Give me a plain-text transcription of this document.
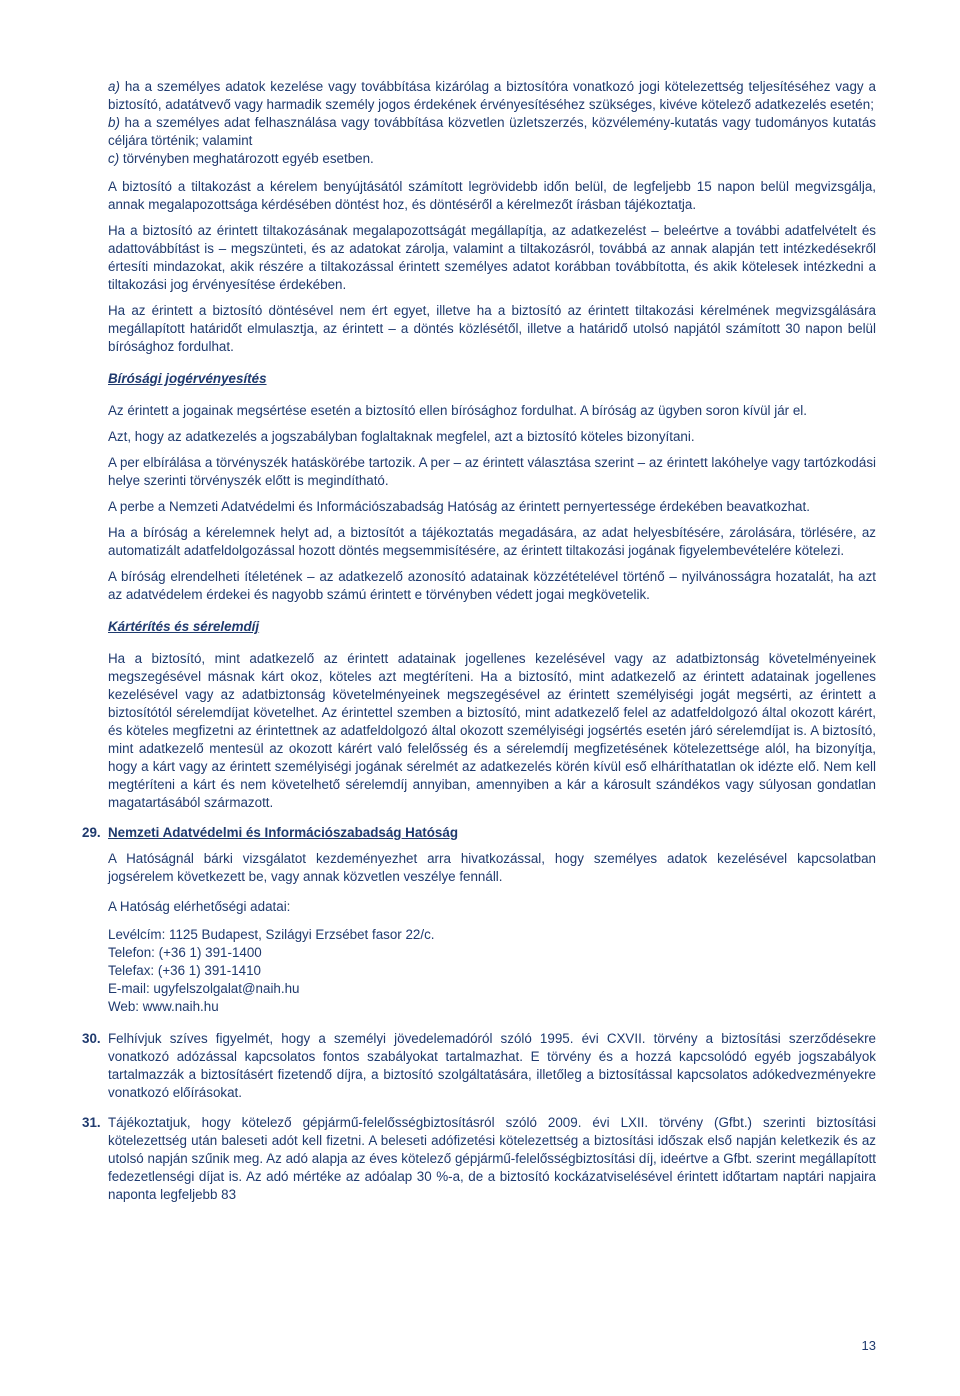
a) ha a személyes adatok kezelése vagy továbbítása kizárólag a biztosítóra vonatkozó jogi kötelezettség teljesítéséhez vagy a biztosító, adatátvevő vagy harmadik személy jogos érdekének érvényesítéséhez szükséges, kivéve kötelező adatkezelés esetén;
b) ha a személyes adat felhasználása vagy továbbítása közvetlen üzletszerzés, közvélemény-kutatás vagy tudományos kutatás céljára történik; valamint
c) törvényben meghatározott egyéb esetben.

A biztosító a tiltakozást a kérelem benyújtásától számított legrövidebb időn belül, de legfeljebb 15 napon belül megvizsgálja, annak megalapozottsága kérdésében döntést hoz, és döntéséről a kérelmezőt írásban tájékoztatja.

Ha a biztosító az érintett tiltakozásának megalapozottságát megállapítja, az adatkezelést – beleértve a további adatfelvételt és adattovábbítást is – megszünteti, és az adatokat zárolja, valamint a tiltakozásról, továbbá az annak alapján tett intézkedésekről értesíti mindazokat, akik részére a tiltakozással érintett személyes adatot korábban továbbította, és akik kötelesek intézkedni a tiltakozási jog érvényesítése érdekében.

Ha az érintett a biztosító döntésével nem ért egyet, illetve ha a biztosító az érintett tiltakozási kérelmének megvizsgálására megállapított határidőt elmulasztja, az érintett – a döntés közlésétől, illetve a határidő utolsó napjától számított 30 napon belül bírósághoz fordulhat.

Bírósági jogérvényesítés

Az érintett a jogainak megsértése esetén a biztosító ellen bírósághoz fordulhat. A bíróság az ügyben soron kívül jár el.

Azt, hogy az adatkezelés a jogszabályban foglaltaknak megfelel, azt a biztosító köteles bizonyítani.

A per elbírálása a törvényszék hatáskörébe tartozik. A per – az érintett választása szerint – az érintett lakóhelye vagy tartózkodási helye szerinti törvényszék előtt is megindítható.

A perbe a Nemzeti Adatvédelmi és Információszabadság Hatóság az érintett pernyertessége érdekében beavatkozhat.

Ha a bíróság a kérelemnek helyt ad, a biztosítót a tájékoztatás megadására, az adat helyesbítésére, zárolására, törlésére, az automatizált adatfeldolgozással hozott döntés megsemmisítésére, az érintett tiltakozási jogának figyelembevételére kötelezi.

A bíróság elrendelheti ítéletének – az adatkezelő azonosító adatainak közzétételével történő – nyilvánosságra hozatalát, ha azt az adatvédelem érdekei és nagyobb számú érintett e törvényben védett jogai megkövetelik.

Kártérítés és sérelemdíj

Ha a biztosító, mint adatkezelő az érintett adatainak jogellenes kezelésével vagy az adatbiztonság követelményeinek megszegésével másnak kárt okoz, köteles azt megtéríteni. Ha a biztosító, mint adatkezelő az érintett adatainak jogellenes kezelésével vagy az adatbiztonság követelményeinek megszegésével az érintett személyiségi jogát megsérti, az érintett a biztosítótól sérelemdíjat követelhet. Az érintettel szemben a biztosító, mint adatkezelő felel az adatfeldolgozó által okozott kárért, és köteles megfizetni az érintettnek az adatfeldolgozó által okozott személyiségi jogsértés esetén járó sérelemdíjat is. A biztosító, mint adatkezelő mentesül az okozott kárért való felelősség és a sérelemdíj megfizetésének kötelezettsége alól, ha bizonyítja, hogy a kárt vagy az érintett személyiségi jogának sérelmét az adatkezelés körén kívül eső elháríthatatlan ok idézte elő. Nem kell megtéríteni a kárt és nem követelhető sérelemdíj annyiban, amennyiben a kár a károsult szándékos vagy súlyosan gondatlan magatartásából származott.

29. Nemzeti Adatvédelmi és Információszabadság Hatóság

A Hatóságnál bárki vizsgálatot kezdeményezhet arra hivatkozással, hogy személyes adatok kezelésével kapcsolatban jogsérelem következett be, vagy annak közvetlen veszélye fennáll.

A Hatóság elérhetőségi adatai:

Levélcím: 1125 Budapest, Szilágyi Erzsébet fasor 22/c.

Telefon: (+36 1) 391-1400

Telefax: (+36 1) 391-1410

E-mail: ugyfelszolgalat@naih.hu

Web: www.naih.hu

30. Felhívjuk szíves figyelmét, hogy a személyi jövedelemadóról szóló 1995. évi CXVII. törvény a biztosítási szerződésekre vonatkozó adózással kapcsolatos fontos szabályokat tartalmazhat. E törvény és a hozzá kapcsolódó egyéb jogszabályok tartalmazzák a biztosításért fizetendő díjra, a biztosító szolgáltatására, illetőleg a biztosítással kapcsolatos adókedvezményekre vonatkozó előírásokat.

31. Tájékoztatjuk, hogy kötelező gépjármű-felelősségbiztosításról szóló 2009. évi LXII. törvény (Gfbt.) szerinti biztosítási kötelezettség után baleseti adót kell fizetni. A beleseti adófizetési kötelezettség a biztosítási időszak első napján keletkezik és az utolsó napján szűnik meg. Az adó alapja az éves kötelező gépjármű-felelősségbiztosítási díj, ideértve a Gfbt. szerint megállapított fedezetlenségi díjat is. Az adó mértéke az adóalap 30 %-a, de a biztosító kockázatviselésével érintett időtartam naptári napjaira naponta legfeljebb 83

13
